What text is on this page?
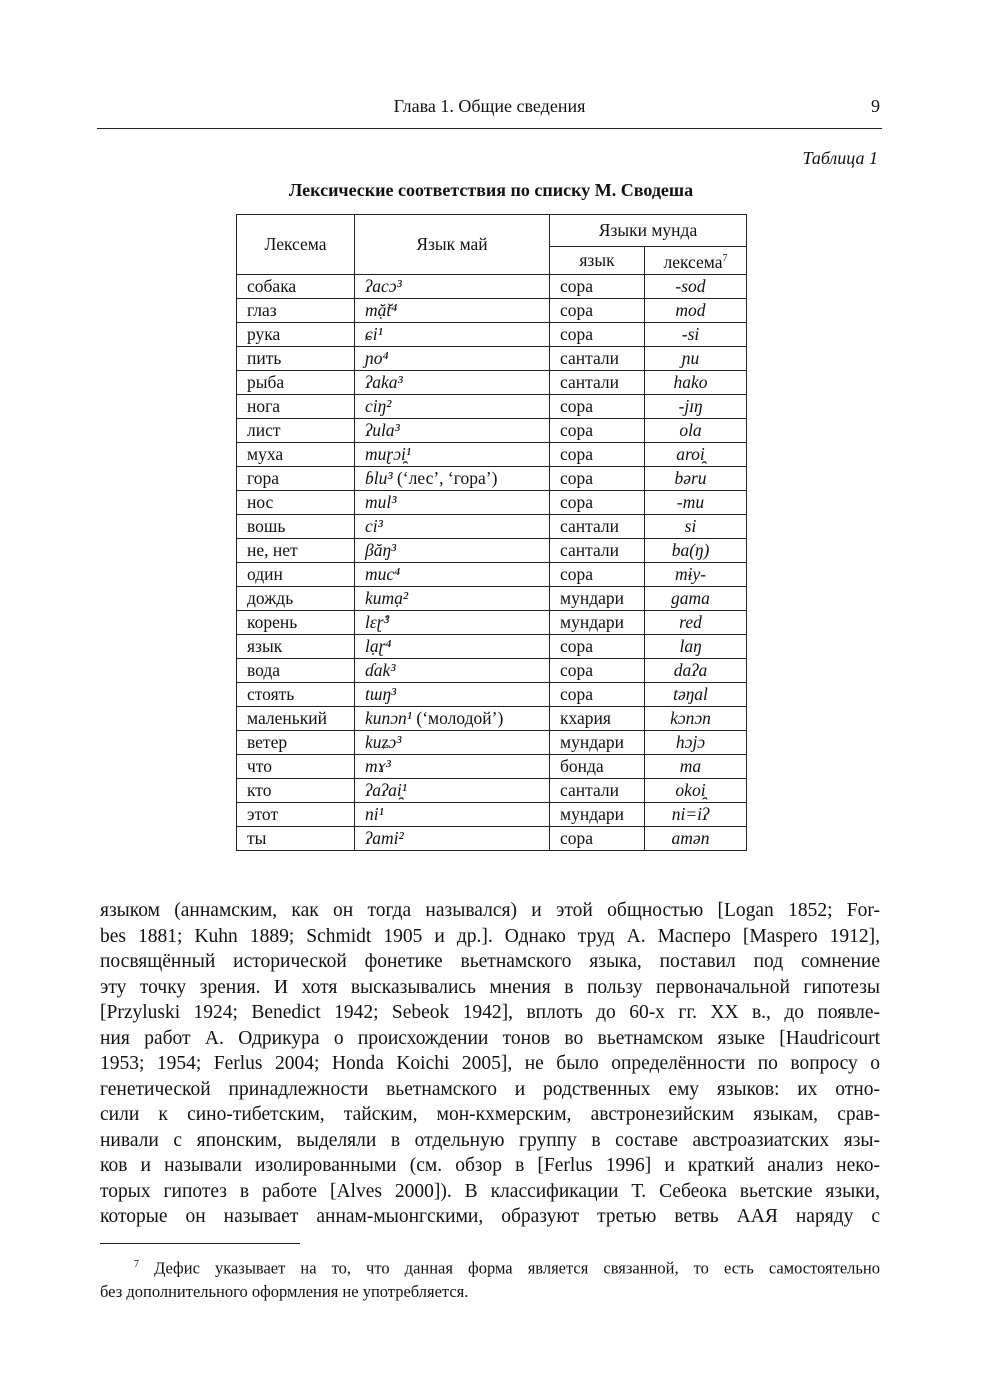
Глава 1. Общие сведения	9
Таблица 1
Лексические соответствия по списку М. Сводеша
Лексема	Язык май	Языки мунда	
		язык	лексема$^7$
собака	ʔacɔ³	сора	-sod
глаз	mặ̆t⁴	сора	mod
рука	ɕi¹	сора	-si
пить	ɲo⁴	сантали	ɲu
рыба	ʔaka³	сантали	hako
нога	ciŋ²	сора	-jɪŋ
лист	ʔula³	сора	ola
муха	muɽɔi̯¹	сора	aroi̯
гора	ɓlu³ (‘лес’, ‘гора’)	сора	bəru
нос	mul³	сора	-mu
вошь	ci³	сантали	si
не, нет	βăŋ³	сантали	ba(ŋ)
один	muc⁴	сора	mɨy-
дождь	kumạ²	мундари	gama
корень	lɛɽ̊³	мундари	red
язык	lạɽ⁴	сора	laŋ
вода	ɗak³	сора	daʔa
стоять	tɯŋ³	сора	təŋal
маленький	kunɔn¹ (‘молодой’)	кхария	kɔnɔn
ветер	kuʑɔ³	мундари	hɔjɔ
что	mɤ³	бонда	ma
кто	ʔaʔai̯¹	сантали	okoi̯
этот	ni¹	мундари	ni=iʔ
ты	ʔami²	сора	amən
языком (аннамским, как он тогда назывался) и этой общностью [Logan 1852; For-
bes 1881; Kuhn 1889; Schmidt 1905 и др.]. Однако труд А. Масперо [Maspero 1912],
посвящённый исторической фонетике вьетнамского языка, поставил под сомнение
эту точку зрения. И хотя высказывались мнения в пользу первоначальной гипотезы
[Przyluski 1924; Benedict 1942; Sebeok 1942], вплоть до 60-х гг. XX в., до появле-
ния работ А. Одрикура о происхождении тонов во вьетнамском языке [Haudricourt
1953; 1954; Ferlus 2004; Honda Koichi 2005], не было определённости по вопросу о
генетической принадлежности вьетнамского и родственных ему языков: их отно-
сили к сино-тибетским, тайским, мон-кхмерским, австронезийским языкам, срав-
нивали с японским, выделяли в отдельную группу в составе австроазиатских язы-
ков и называли изолированными (см. обзор в [Ferlus 1996] и краткий анализ неко-
торых гипотез в работе [Alves 2000]). В классификации Т. Себеока вьетские языки,
которые он называет аннам-мыонгскими, образуют третью ветвь ААЯ наряду с
$^7$ Дефис указывает на то, что данная форма является связанной, то есть самостоятельно
без дополнительного оформления не употребляется.
